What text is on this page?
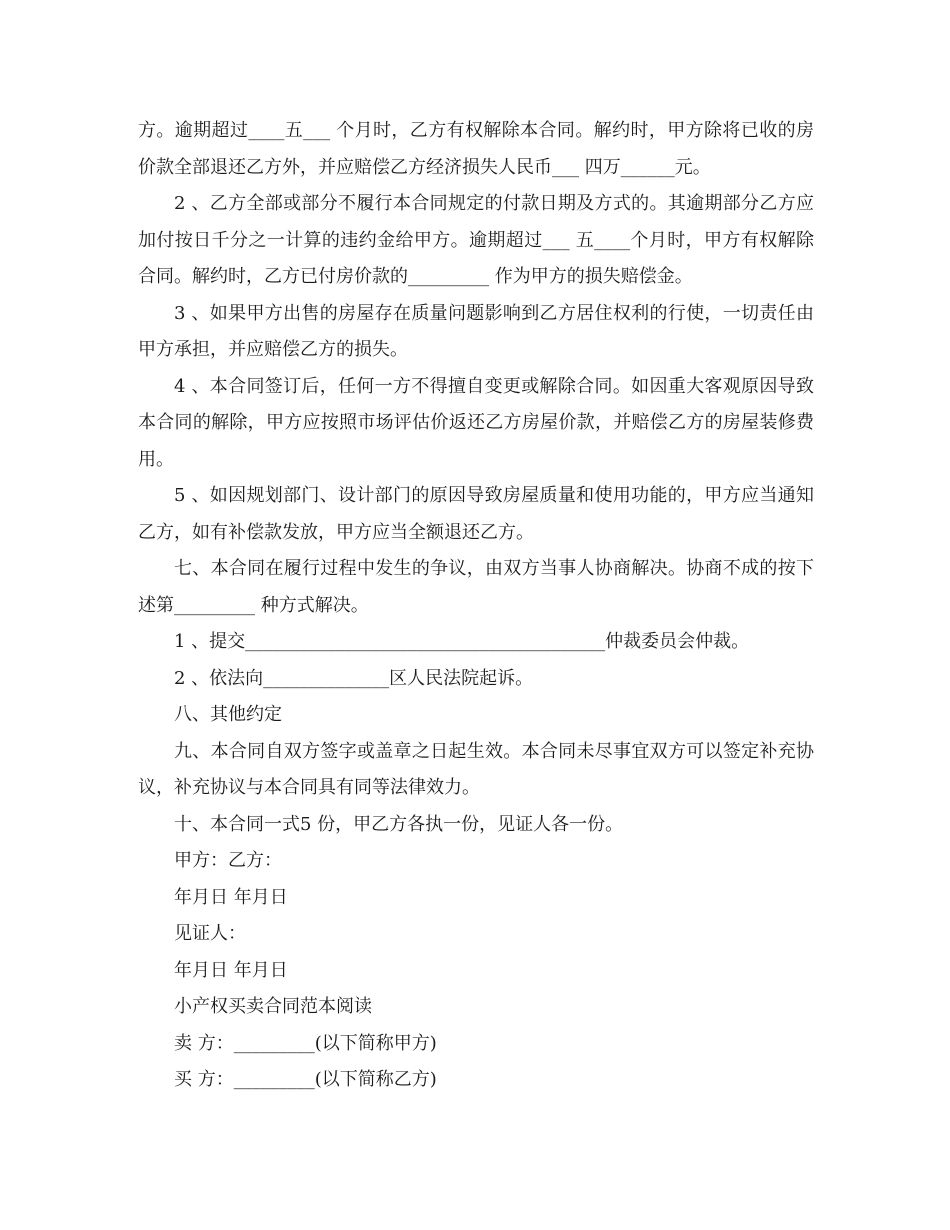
方。逾期超过____五___ 个月时，乙方有权解除本合同。解约时，甲方除将已收的房价款全部退还乙方外，并应赔偿乙方经济损失人民币___ 四万______元。

2 、乙方全部或部分不履行本合同规定的付款日期及方式的。其逾期部分乙方应加付按日千分之一计算的违约金给甲方。逾期超过___ 五____个月时，甲方有权解除合同。解约时，乙方已付房价款的_________ 作为甲方的损失赔偿金。

3 、如果甲方出售的房屋存在质量问题影响到乙方居住权利的行使，一切责任由甲方承担，并应赔偿乙方的损失。

4 、本合同签订后，任何一方不得擅自变更或解除合同。如因重大客观原因导致本合同的解除，甲方应按照市场评估价返还乙方房屋价款，并赔偿乙方的房屋装修费用。

5 、如因规划部门、设计部门的原因导致房屋质量和使用功能的，甲方应当通知乙方，如有补偿款发放，甲方应当全额退还乙方。

七、本合同在履行过程中发生的争议，由双方当事人协商解决。协商不成的按下述第_________ 种方式解决。

1 、提交________________________________________仲裁委员会仲裁。

2 、依法向______________区人民法院起诉。

八、其他约定

九、本合同自双方签字或盖章之日起生效。本合同未尽事宜双方可以签定补充协议，补充协议与本合同具有同等法律效力。

十、本合同一式5 份，甲乙方各执一份，见证人各一份。

甲方：乙方：

年月日 年月日

见证人：

年月日 年月日

小产权买卖合同范本阅读

卖 方：_________(以下简称甲方)

买 方：_________(以下简称乙方)
